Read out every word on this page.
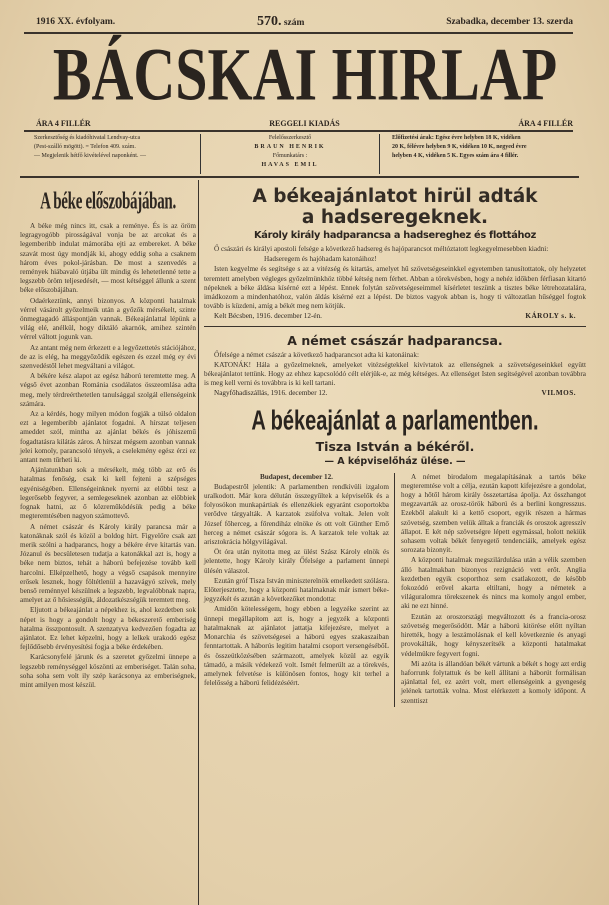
1916 XX. évfolyam.	570. szám	Szabadka, december 13. szerda
BÁCSKAI HIRLAP
ÁRA 4 FILLÉR	REGGELI KIADÁS	ÁRA 4 FILLÉR
Szerkesztőség és kiadóhivatal Lendvay-utca
(Pest-szálló mögött). = Telefon 409. szám.
— Megjelenik hétfő kivételével naponként. —
Felelősszerkesztő
BRAUN HENRIK
Főmunkatárs :
HAVAS EMIL
Előfizetési árak: Egész évre helyben 18 K, vidéken
20 K, félévre helyben 9 K, vidéken 10 K, negyed évre
helyben 4 K, vidéken 5 K. Egyes szám ára 4 fillér.
A béke előszobájában.

A béke még nincs itt, csak a reménye. És is az öröm legragyogóbb pirosságával vonja be az arcokat és a legemberibb indulat mámorába ejti az embereket. A béke szavát most úgy mondják ki, ahogy eddig soha a csaknem három éves pokol-járásban. De most a szenvedés a remények hiábavaló útjába ült mindig és lehetetlenné tette a legszebb öröm teljesedését, — most kétséggel állunk a szent béke előszobájában.

Odaérkeztünk, annyi bizonyos. A központi hatalmak vérrel vásárolt győzelmeik után a győzők mérsékelt, szinte önmegtagadó álláspontján vannak. Békeajánlattal lépünk a világ elé, anélkül, hogy diktáló akarnók, amihez szintén vérrel váltott jogunk van.

Az antant még nem érkezett e a legyőzettetés stációjához, de az is elég, ha meggyőződik egészen és ezzel még ey évi szenvedéstől lehet megváltani a világot.

A békére kész alapot az egész háború teremtette meg. A végső évet azonban Románia csodálatos összeomlása adta meg, mely térdreérthetetlen tanulsággal szolgál ellenségeink számára.

Az a kérdés, hogy milyen módon fogják a túlsó oldalon ezt a legemberibb ajánlatot fogadni. A hírszat teljesen ameddet szól, mintha az ajánlat békés és jóhiszemű fogadtatásra kilátás záros. A hírszat mégsem azonban vannak jelei komoly, parancsoló tények, a cselekmény egész érzi ez antant nem tűrheti ki.

Ajánlatunkban sok a mérsékelt, még több az erő és hatalmas fenőség, csak ki kell fejteni a szépséges egyéniségében. Ellenségeinknek nyerni az előbbi tesz a legerősebb fegyver, a semlegeseknek azonban az előbbiek fognak hatni, az ő közreműködésük pedig a béke megteremtésében nagyon számottevő.

A német császár és Károly király parancsa már a katonáknak szól és közöl a boldog hírt. Figyelőre csak azt merik szólni a hadparancs, hogy a békére érve kitartás van. Józanul és becsületesen tudatja a katonákkal azt is, hogy a béke nem biztos, tehát a háború befejezése tovább kell harcolni. Elképzelhető, hogy a végső csapások mennyire erősek lesznek, hogy föltétlenül a hazavágyó szívek, mely benső reménnyel készülnek a legszebb, legvalóbbnak napra, amelyet az ő hősiességük, áldozatkészségük teremtett meg.

Eljutott a békeajánlat a népekhez is, ahol kezdetben sok népet is hogy a gondolt hogy a békeszerető emberiség hatalma összpontosult. A szenzatyva kedvezően fogadta az ajánlatot. Ez lehet képzelni, hogy a lelkek urakodó egész fejlődősebb érvényesítési fogja a béke érdekében.

Karácsonyfelé járunk és a szeretet győzelmi ünnepe a legszebb reménységgel köszönti az emberiséget. Talán soha, soha soha sem volt ily szép karácsonya az emberiségnek, mint amilyen most készül.

A békeajánlatot hirül adták
a hadseregeknek.
Károly király hadparancsa a hadsereghez és flottához

Ő császári és királyi apostoli felsége a következő hadsereg és hajóparancsot méltóztatott legkegyelmesebben kiadni:

Hadseregem és hajóhadam katonáihoz!

Isten kegyelme és segítsége s az a vitézség és kitartás, amelyet hű szövetségeseinkkel egyetemben tanusítottatok, oly helyzetet teremtett amelyben végleges győzelmünkhöz többé kétség nem férhet. Abban a törekvésben, hogy a nehéz időkben férfiasan kitartó népeknek a béke áldása kísérné ezt a lépést. Ennek folytán szövetségeseimmel kísérletet teszünk a tisztes béke létrehozatalára, imádkozom a mindenhatóhoz, valón áldás kísérné ezt a lépést. De biztos vagyok abban is, hogy ti változatlan hűséggel fogtok tovább is küzdeni, amíg a békét meg nem kötjük.

Kelt Bécsben, 1916. december 12-én.	KÁROLY s. k.
A német császár hadparancsa.

Őfelsége a német császár a következő hadparancsot adta ki katonáinak:

KATONÁK! Hála a győzelmeknek, amelyeket vitézségtekkel kivívtatok az ellenségnek a szövetségeseinkkel együtt békeajánlatot tettünk. Hogy az ehhez kapcsolódó célt elérjük-e, az még kétséges. Az ellenséget Isten segítségével azonban továbbra is meg kell verni és továbbra is ki kell tartani.

Nagyfőhadiszállás, 1916. december 12.	VILMOS.
A békeajánlat a parlamentben.
Tisza István a békéről.
— A képviselőház ülése. —

Budapest, december 12.

Budapestről jelentik: A parlamentben rendkívüli izgalom uralkodott. Már kora délután összegyűltek a képviselők és a folyosókon munkapártiak és ellenzékiek egyaránt csoportokba verődve tárgyalták. A karzatok zsúfolva voltak. Jelen volt József főherceg, a főrendiház elnöke és ott volt Günther Ernő herceg a német császár sógora is. A karzatok tele voltak az arisztokrácia hölgyvilágával.

Öt óra után nyitotta meg az ülést Szász Károly elnök és jelentette, hogy Károly király Őfelsége a parlament ünnepi ülésén válaszol.

Ezután gróf Tisza István miniszterelnök emelkedett szólásra. Előterjesztette, hogy a központi hatalmaknak már ismert béke-jegyzékét és azután a következőket mondotta:

Amidőn kötelességem, hogy ebben a legyzéke szerint az ünnepi megállapítom azt is, hogy a jegyzék a központi hatalmaknak az ajánlatot jattatja kifejezésre, melyet a Monarchia és szövetségesei a háború egyes szakaszaiban fenntartottak. A háborús legitim hatalmi csoport versengésébőL és összeütközésében származott, amelyek közül az egyik támadó, a másik védekező volt. Ismét felmerült az a törekvés, amelynek felvetése is különösen fontos, hogy kit terhel a felelősség a háború felidézéséért.

A német birodalom megalapításának a tartós béke megteremtése volt a célja, ezután kapott kifejezésre a gondolat, hogy a hőtől három király összetartása ápolja. Az összhangot megzavarták az orosz-török háború és a berlini kongresszus. Ezekből alakult ki a kettő csoport, egyik részen a hármas szövetség, szemben velük álltak a franciák és oroszok agresszív állapot. E két nép szövetségre lépett egymással, holott nekiük sohasem voltak békét fenyegető tendenciáik, amelyek egész sorozata bizonyít.

A központi hatalmak megszilárdulása után a vélik szemben álló hatalmakban bizonyos rezignáció vett erőt. Anglia kezdetben egyik csoporthoz sem csatlakozott, de később fokozódó erővel akarta eltiltani, hogy a németek a világuralomra törekszenek és nincs ma komoly angol ember, aki ne ezt hinné.

Ezután az oroszországi megváltozott és a francia-orosz szövetség megerősödött. Már a háború kitörése előtt nyíltan hirették, hogy a leszámolásnak el kell következnie és anyagi provokálták, hogy kényszerítsék a központi hatalmakat védelmükre fegyvert fogni.

Mi azóta is állandóan békét vártunk a békét s hogy azt erdig haforrunk folytattuk és be kell állítani a háborút formálisan ajánlattal fel, ez azért volt, mert ellenségeink a gyengeség jelének tartották volna. Most elérkezett a komoly időpont. A szenttiszt
